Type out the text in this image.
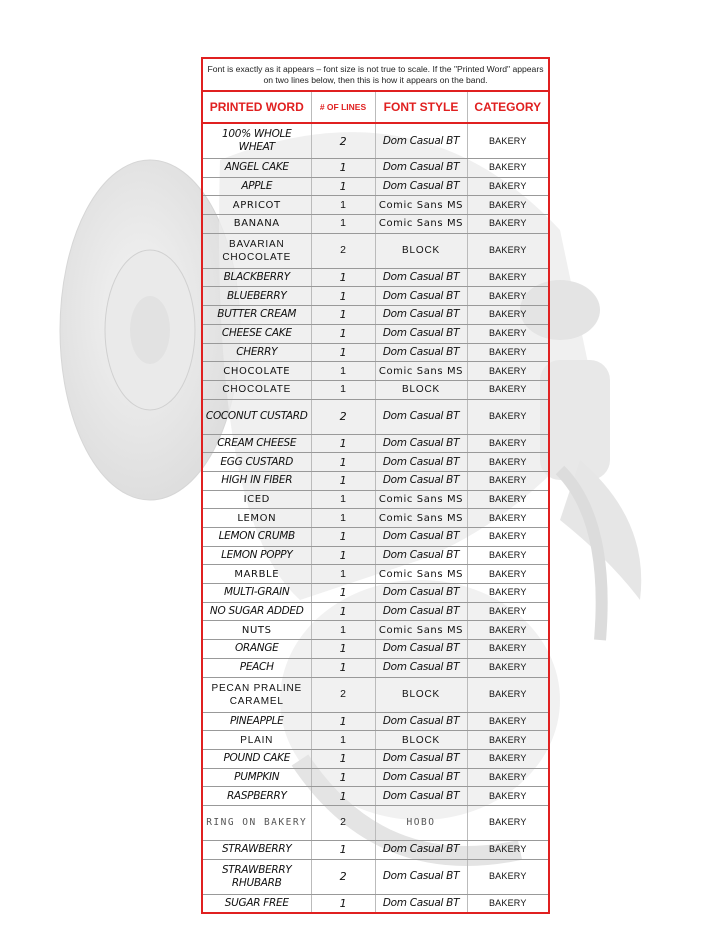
Font is exactly as it appears – font size is not true to scale. If the "Printed Word" appears on two lines below, then this is how it appears on the band.
PRINTED WORD	# OF LINES	FONT STYLE	CATEGORY
100% WHOLE WHEAT	2	Dom Casual BT	BAKERY
ANGEL CAKE	1	Dom Casual BT	BAKERY
APPLE	1	Dom Casual BT	BAKERY
APRICOT	1	Comic Sans MS	BAKERY
BANANA	1	Comic Sans MS	BAKERY
BAVARIAN CHOCOLATE	2	BLOCK	BAKERY
BLACKBERRY	1	Dom Casual BT	BAKERY
BLUEBERRY	1	Dom Casual BT	BAKERY
BUTTER CREAM	1	Dom Casual BT	BAKERY
CHEESE CAKE	1	Dom Casual BT	BAKERY
CHERRY	1	Dom Casual BT	BAKERY
CHOCOLATE	1	Comic Sans MS	BAKERY
CHOCOLATE	1	BLOCK	BAKERY
COCONUT CUSTARD	2	Dom Casual BT	BAKERY
CREAM CHEESE	1	Dom Casual BT	BAKERY
EGG CUSTARD	1	Dom Casual BT	BAKERY
HIGH IN FIBER	1	Dom Casual BT	BAKERY
ICED	1	Comic Sans MS	BAKERY
LEMON	1	Comic Sans MS	BAKERY
LEMON CRUMB	1	Dom Casual BT	BAKERY
LEMON POPPY	1	Dom Casual BT	BAKERY
MARBLE	1	Comic Sans MS	BAKERY
MULTI-GRAIN	1	Dom Casual BT	BAKERY
NO SUGAR ADDED	1	Dom Casual BT	BAKERY
NUTS	1	Comic Sans MS	BAKERY
ORANGE	1	Dom Casual BT	BAKERY
PEACH	1	Dom Casual BT	BAKERY
PECAN PRALINE CARAMEL	2	BLOCK	BAKERY
PINEAPPLE	1	Dom Casual BT	BAKERY
PLAIN	1	BLOCK	BAKERY
POUND CAKE	1	Dom Casual BT	BAKERY
PUMPKIN	1	Dom Casual BT	BAKERY
RASPBERRY	1	Dom Casual BT	BAKERY
RING ON BAKERY	2	HOBO	BAKERY
STRAWBERRY	1	Dom Casual BT	BAKERY
STRAWBERRY RHUBARB	2	Dom Casual BT	BAKERY
SUGAR FREE	1	Dom Casual BT	BAKERY
